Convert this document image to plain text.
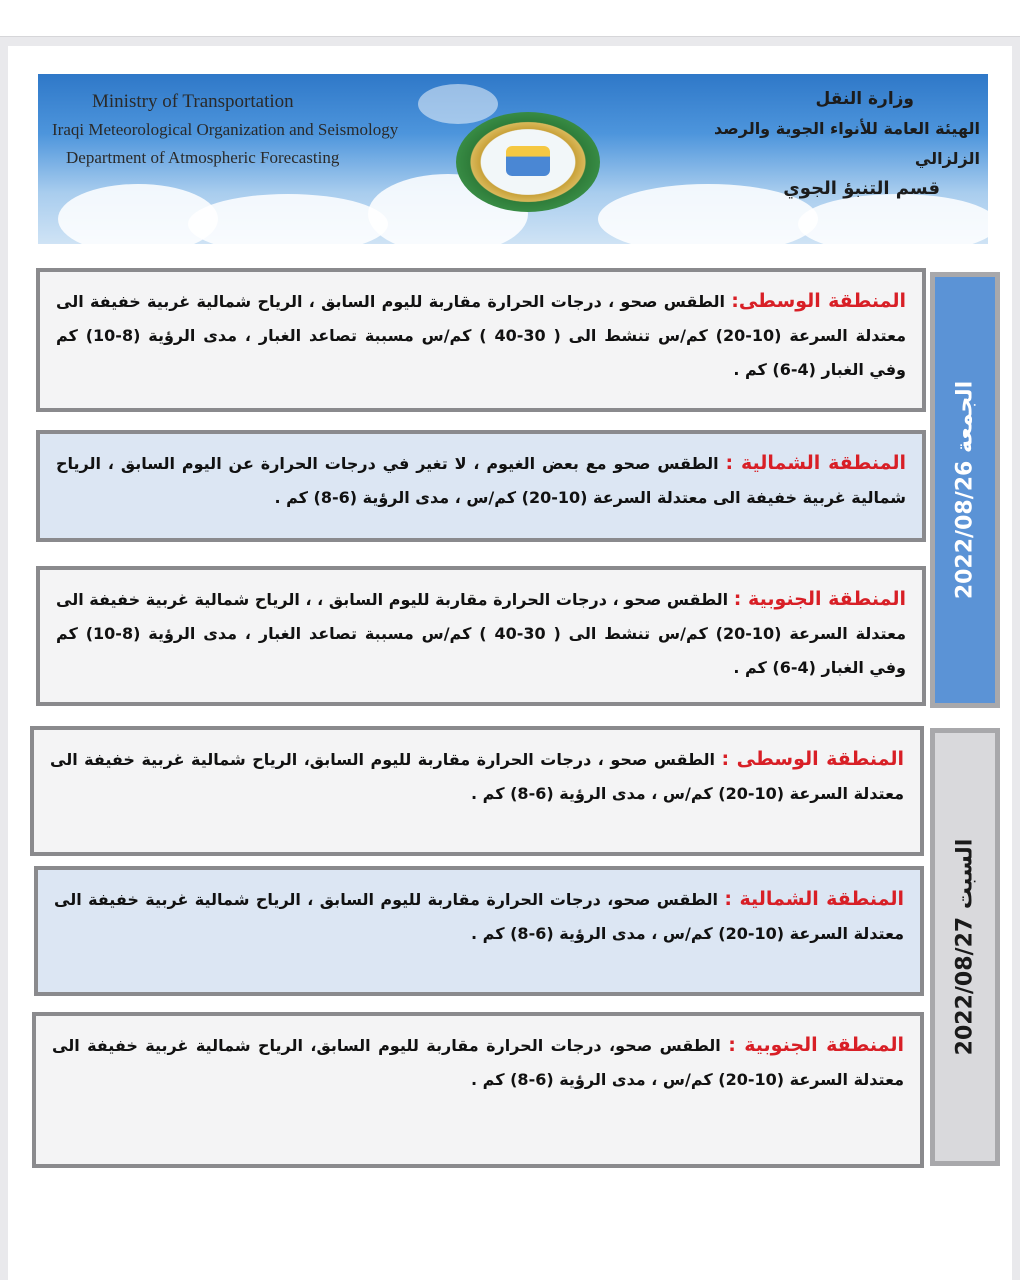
Ministry of Transportation
Iraqi Meteorological Organization and Seismology
Department of Atmospheric Forecasting
وزارة النقل
الهيئة العامة للأنواء الجوية والرصد الزلزالي
قسم التنبؤ الجوي
المنطقة الوسطى: الطقس صحو ، درجات الحرارة مقاربة لليوم السابق ، الرياح شمالية غربية خفيفة الى معتدلة السرعة (10-20) كم/س تنشط الى ( 30-40 ) كم/س مسببة تصاعد الغبار ، مدى الرؤية (8-10) كم وفي الغبار (4-6) كم .
المنطقة الشمالية : الطقس صحو مع بعض الغيوم ، لا تغير في درجات الحرارة عن اليوم السابق ، الرياح شمالية غربية خفيفة الى معتدلة السرعة (10-20) كم/س ، مدى الرؤية (6-8) كم .
المنطقة الجنوبية : الطقس صحو ، درجات الحرارة مقاربة لليوم السابق ، ، الرياح شمالية غربية خفيفة الى معتدلة السرعة (10-20) كم/س تنشط الى ( 30-40 ) كم/س مسببة تصاعد الغبار ، مدى الرؤية (8-10) كم وفي الغبار (4-6) كم .
الجمعة 2022/08/26
المنطقة الوسطى : الطقس صحو ، درجات الحرارة مقاربة لليوم السابق، الرياح شمالية غربية خفيفة الى معتدلة السرعة (10-20) كم/س ، مدى الرؤية (6-8) كم .
المنطقة الشمالية : الطقس صحو، درجات الحرارة مقاربة لليوم السابق ، الرياح شمالية غربية خفيفة الى معتدلة السرعة (10-20) كم/س ، مدى الرؤية (6-8) كم .
المنطقة الجنوبية : الطقس صحو، درجات الحرارة مقاربة لليوم السابق، الرياح شمالية غربية خفيفة الى معتدلة السرعة (10-20) كم/س ، مدى الرؤية (6-8) كم .
السبت 2022/08/27
